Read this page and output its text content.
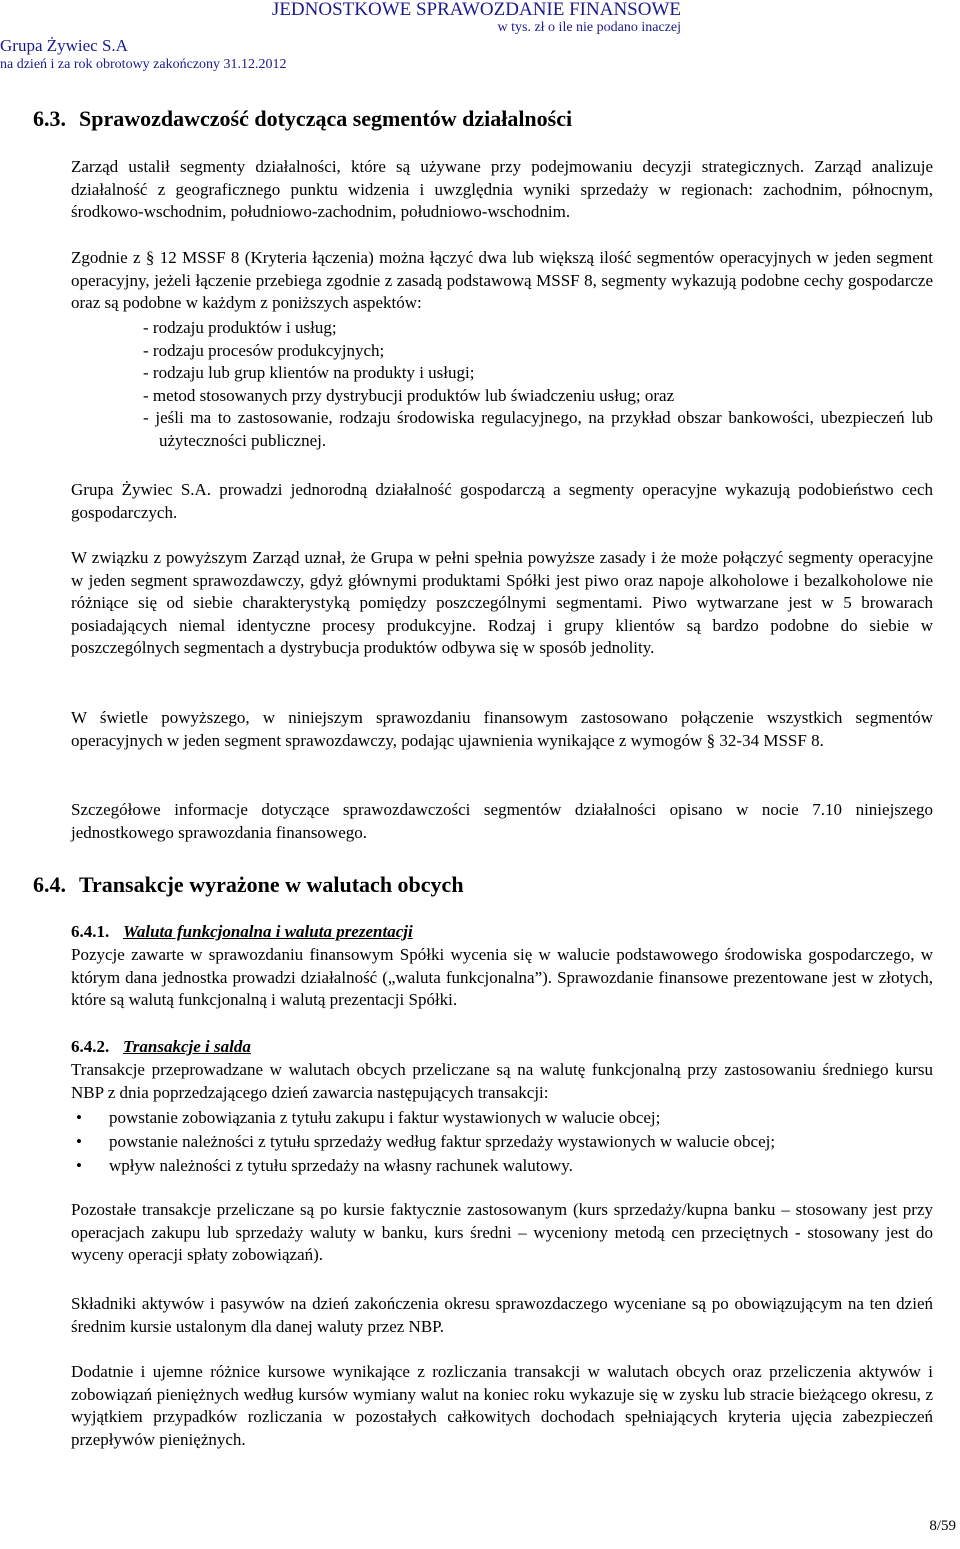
JEDNOSTKOWE SPRAWOZDANIE FINANSOWE
w tys. zł o ile nie podano inaczej
Grupa Żywiec S.A
na dzień i za rok obrotowy zakończony 31.12.2012
6.3. Sprawozdawczość dotycząca segmentów działalności
Zarząd ustalił segmenty działalności, które są używane przy podejmowaniu decyzji strategicznych. Zarząd analizuje działalność z geograficznego punktu widzenia i uwzględnia wyniki sprzedaży w regionach: zachodnim, północnym, środkowo-wschodnim, południowo-zachodnim, południowo-wschodnim.
Zgodnie z § 12 MSSF 8 (Kryteria łączenia) można łączyć dwa lub większą ilość segmentów operacyjnych w jeden segment operacyjny, jeżeli łączenie przebiega zgodnie z zasadą podstawową MSSF 8, segmenty wykazują podobne cechy gospodarcze oraz są podobne w każdym z poniższych aspektów:
- rodzaju produktów i usług;
- rodzaju procesów produkcyjnych;
- rodzaju lub grup klientów na produkty i usługi;
- metod stosowanych przy dystrybucji produktów lub świadczeniu usług; oraz
- jeśli ma to zastosowanie, rodzaju środowiska regulacyjnego, na przykład obszar bankowości, ubezpieczeń lub użyteczności publicznej.
Grupa Żywiec S.A. prowadzi jednorodną działalność gospodarczą a segmenty operacyjne wykazują podobieństwo cech gospodarczych.
W związku z powyższym Zarząd uznał, że Grupa w pełni spełnia powyższe zasady i że może połączyć segmenty operacyjne w jeden segment sprawozdawczy, gdyż głównymi produktami Spółki jest piwo oraz napoje alkoholowe i bezalkoholowe nie różniące się od siebie charakterystyką pomiędzy poszczególnymi segmentami. Piwo wytwarzane jest w 5 browarach posiadających niemal identyczne procesy produkcyjne. Rodzaj i grupy klientów są bardzo podobne do siebie w poszczególnych segmentach a dystrybucja produktów odbywa się w sposób jednolity.
W świetle powyższego, w niniejszym sprawozdaniu finansowym zastosowano połączenie wszystkich segmentów operacyjnych w jeden segment sprawozdawczy, podając ujawnienia wynikające z wymogów § 32-34 MSSF 8.
Szczegółowe informacje dotyczące sprawozdawczości segmentów działalności opisano w nocie 7.10 niniejszego jednostkowego sprawozdania finansowego.
6.4. Transakcje wyrażone w walutach obcych
6.4.1. Waluta funkcjonalna i waluta prezentacji
Pozycje zawarte w sprawozdaniu finansowym Spółki wycenia się w walucie podstawowego środowiska gospodarczego, w którym dana jednostka prowadzi działalność („waluta funkcjonalna”). Sprawozdanie finansowe prezentowane jest w złotych, które są walutą funkcjonalną i walutą prezentacji Spółki.
6.4.2. Transakcje i salda
Transakcje przeprowadzane w walutach obcych przeliczane są na walutę funkcjonalną przy zastosowaniu średniego kursu NBP z dnia poprzedzającego dzień zawarcia następujących transakcji:
• powstanie zobowiązania z tytułu zakupu i faktur wystawionych w walucie obcej;
• powstanie należności z tytułu sprzedaży według faktur sprzedaży wystawionych w walucie obcej;
• wpływ należności z tytułu sprzedaży na własny rachunek walutowy.
Pozostałe transakcje przeliczane są po kursie faktycznie zastosowanym (kurs sprzedaży/kupna banku – stosowany jest przy operacjach zakupu lub sprzedaży waluty w banku, kurs średni – wyceniony metodą cen przeciętnych - stosowany jest do wyceny operacji spłaty zobowiązań).
Składniki aktywów i pasywów na dzień zakończenia okresu sprawozdaczego wyceniane są po obowiązującym na ten dzień średnim kursie ustalonym dla danej waluty przez NBP.
Dodatnie i ujemne różnice kursowe wynikające z rozliczania transakcji w walutach obcych oraz przeliczenia aktywów i zobowiązań pieniężnych według kursów wymiany walut na koniec roku wykazuje się w zysku lub stracie bieżącego okresu, z wyjątkiem przypadków rozliczania w pozostałych całkowitych dochodach spełniających kryteria ujęcia zabezpieczeń przepływów pieniężnych.
8/59
